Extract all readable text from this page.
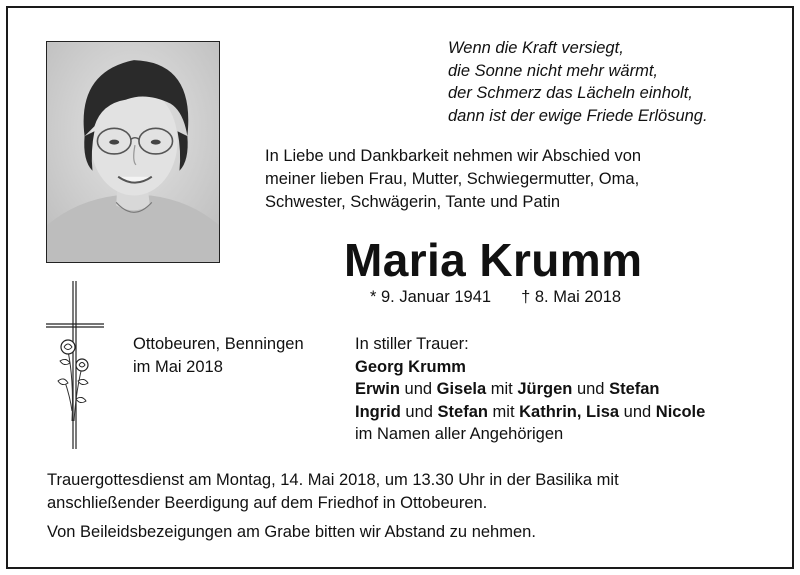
Wenn die Kraft versiegt,
die Sonne nicht mehr wärmt,
der Schmerz das Lächeln einholt,
dann ist der ewige Friede Erlösung.
In Liebe und Dankbarkeit nehmen wir Abschied von
meiner lieben Frau, Mutter, Schwiegermutter, Oma,
Schwester, Schwägerin, Tante und Patin
Maria Krumm
* 9. Januar 1941 † 8. Mai 2018
Ottobeuren, Benningen
im Mai 2018
In stiller Trauer:
Georg Krumm
Erwin und Gisela mit Jürgen und Stefan
Ingrid und Stefan mit Kathrin, Lisa und Nicole
im Namen aller Angehörigen
Trauergottesdienst am Montag, 14. Mai 2018, um 13.30 Uhr in der Basilika mit
anschließender Beerdigung auf dem Friedhof in Ottobeuren.
Von Beileidsbezeigungen am Grabe bitten wir Abstand zu nehmen.
